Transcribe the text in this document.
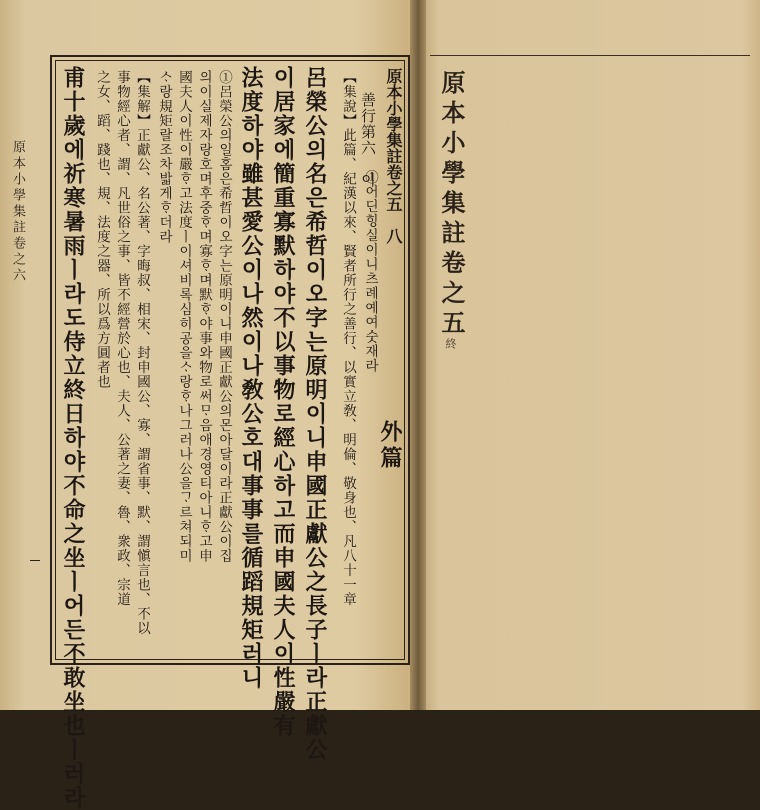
原本小學集註卷之六	原本小學集註卷之五　八
善行第六　이
①어딘힝실이니츠례예여숫재라
【集說】此篇、紀漢以來、賢者所行之善行、以實立敎、明倫、敬身也、凡八十一章
呂榮公의名은希哲이오字는原明이니申國正獻公之長子ㅣ라正獻公
이居家에簡重寡默하야不以事物로經心하고而申國夫人이性嚴有
法度하야雖甚愛公이나然이나敎公호대事事를循蹈規矩러니
①呂榮公의일홈은希哲이오字는原明이니申國正獻公의몬아달이라正獻公이집
의이실제자랑호며후중ᄒᆞ며寡ᄒᆞ며默ᄒᆞ야事와物로써ᄆᆞ음애경영티아니ᄒᆞ고申
國夫人이性이嚴ᄒᆞ고法度ㅣ이셔비록심히공을ᄉᆞ랑ᄒᆞ나그러나公을ᄀᆞ르쳐되미
ᄉᆞ랑規矩랄조차밟게ᄒᆞ더라
【集解】正獻公、名公著、字晦叔、相宋、封申國公、寡、謂省事、默、謂愼言也、不以
事物經心者、謂、凡世俗之事、皆不經營於心也、夫人、公著之妻、魯、衆政、宗道
之女、蹈、踐也、規、法度之器、所以爲方圓者也
甫十歲에祈寒暑雨ㅣ라도侍立終日하야不命之坐ㅣ어든不敢坐也ㅣ러라	原本小學集註卷之五
終
外篇
